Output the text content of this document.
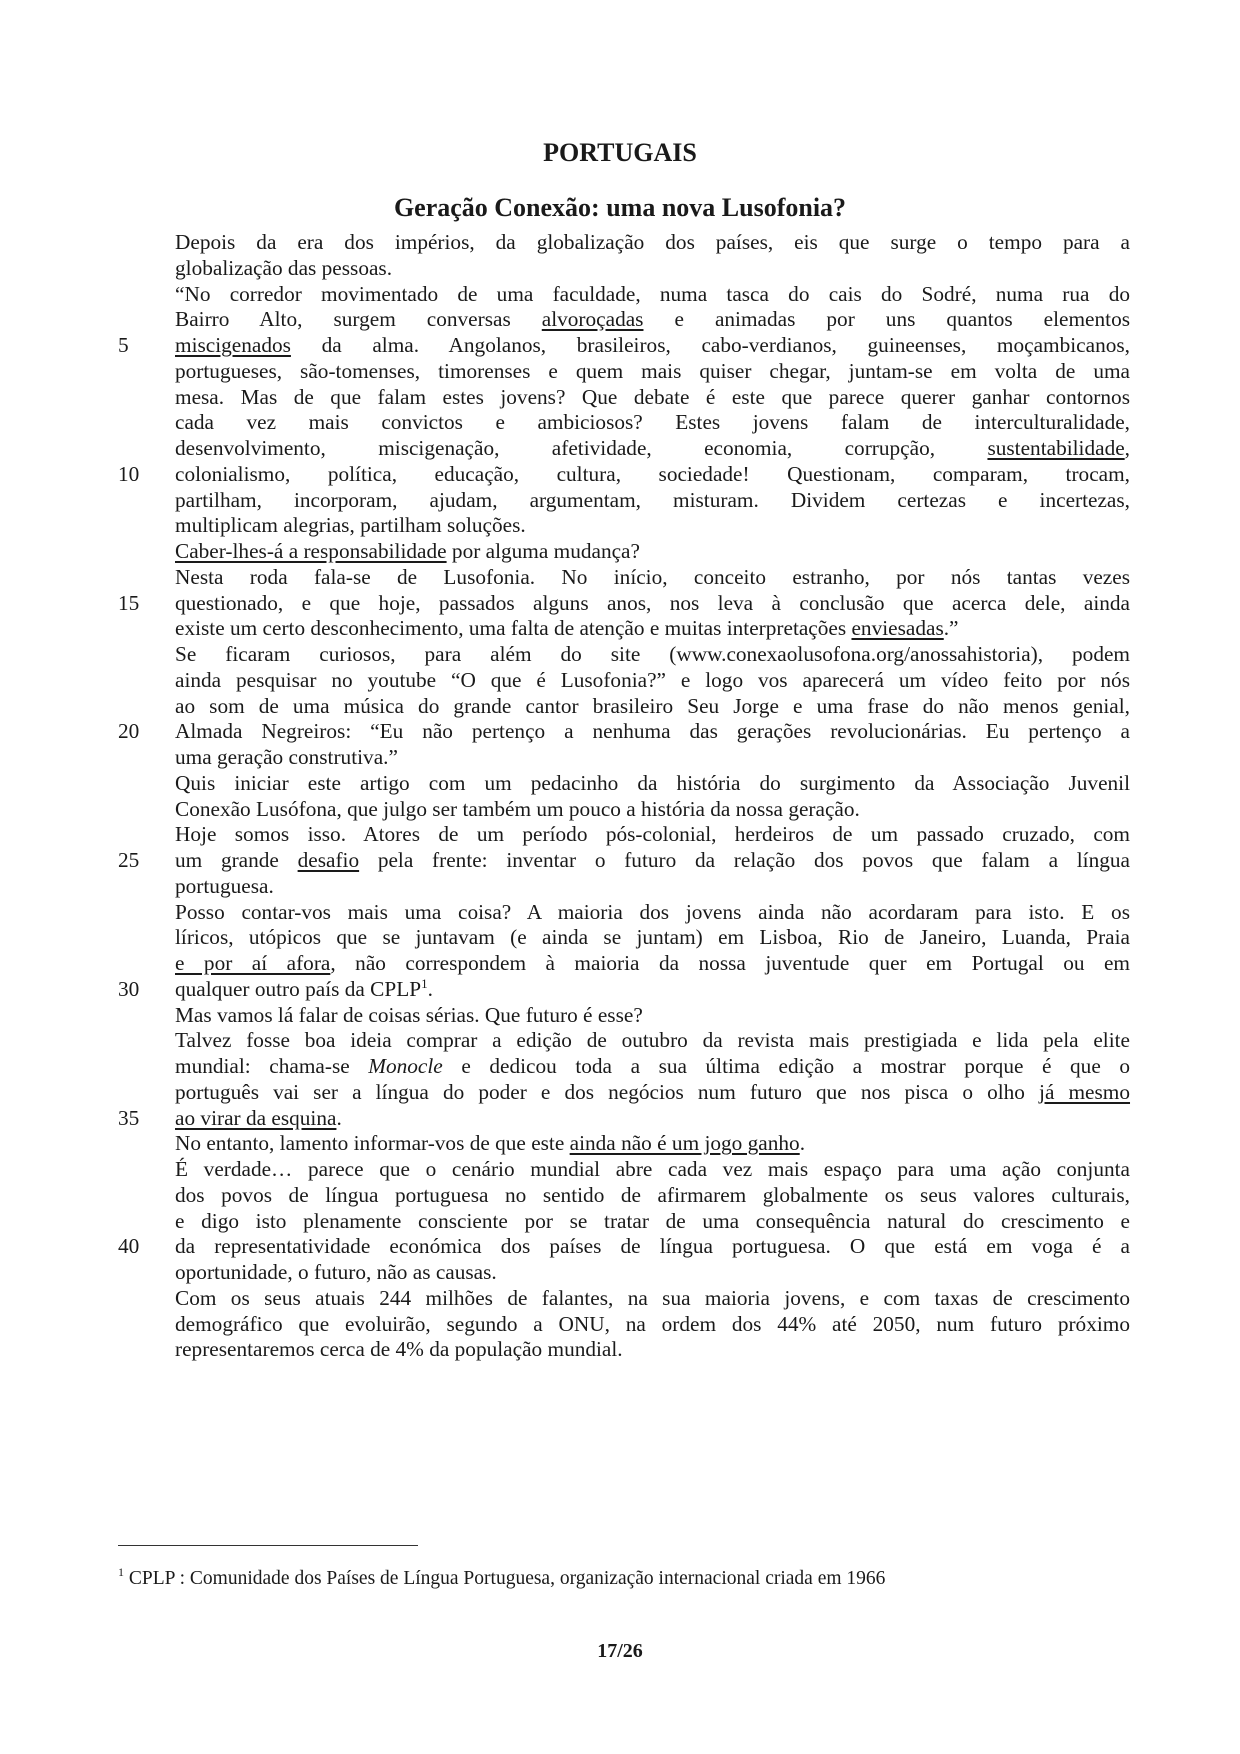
PORTUGAIS
Geração Conexão: uma nova Lusofonia?
Depois da era dos impérios, da globalização dos países, eis que surge o tempo para a
globalização das pessoas.
“No corredor movimentado de uma faculdade, numa tasca do cais do Sodré, numa rua do
Bairro Alto, surgem conversas alvoroçadas e animadas por uns quantos elementos
miscigenados da alma. Angolanos, brasileiros, cabo-verdianos, guineenses, moçambicanos,
5
portugueses, são-tomenses, timorenses e quem mais quiser chegar, juntam-se em volta de uma
mesa. Mas de que falam estes jovens? Que debate é este que parece querer ganhar contornos
cada vez mais convictos e ambiciosos? Estes jovens falam de interculturalidade,
desenvolvimento, miscigenação, afetividade, economia, corrupção, sustentabilidade,
colonialismo, política, educação, cultura, sociedade! Questionam, comparam, trocam,
10
partilham, incorporam, ajudam, argumentam, misturam. Dividem certezas e incertezas,
multiplicam alegrias, partilham soluções.
Caber-lhes-á a responsabilidade por alguma mudança?
Nesta roda fala-se de Lusofonia. No início, conceito estranho, por nós tantas vezes
questionado, e que hoje, passados alguns anos, nos leva à conclusão que acerca dele, ainda
15
existe um certo desconhecimento, uma falta de atenção e muitas interpretações enviesadas.”
Se ficaram curiosos, para além do site (www.conexaolusofona.org/anossahistoria), podem
ainda pesquisar no youtube “O que é Lusofonia?” e logo vos aparecerá um vídeo feito por nós
ao som de uma música do grande cantor brasileiro Seu Jorge e uma frase do não menos genial,
Almada Negreiros: “Eu não pertenço a nenhuma das gerações revolucionárias. Eu pertenço a
20
uma geração construtiva.”
Quis iniciar este artigo com um pedacinho da história do surgimento da Associação Juvenil
Conexão Lusófona, que julgo ser também um pouco a história da nossa geração.
Hoje somos isso. Atores de um período pós-colonial, herdeiros de um passado cruzado, com
um grande desafio pela frente: inventar o futuro da relação dos povos que falam a língua
25
portuguesa.
Posso contar-vos mais uma coisa? A maioria dos jovens ainda não acordaram para isto. E os
líricos, utópicos que se juntavam (e ainda se juntam) em Lisboa, Rio de Janeiro, Luanda, Praia
e por aí afora, não correspondem à maioria da nossa juventude quer em Portugal ou em
qualquer outro país da CPLP$^1$.
30
Mas vamos lá falar de coisas sérias. Que futuro é esse?
Talvez fosse boa ideia comprar a edição de outubro da revista mais prestigiada e lida pela elite
mundial: chama-se Monocle e dedicou toda a sua última edição a mostrar porque é que o
português vai ser a língua do poder e dos negócios num futuro que nos pisca o olho já mesmo
ao virar da esquina.
35
No entanto, lamento informar-vos de que este ainda não é um jogo ganho.
É verdade… parece que o cenário mundial abre cada vez mais espaço para uma ação conjunta
dos povos de língua portuguesa no sentido de afirmarem globalmente os seus valores culturais,
e digo isto plenamente consciente por se tratar de uma consequência natural do crescimento e
da representatividade económica dos países de língua portuguesa. O que está em voga é a
40
oportunidade, o futuro, não as causas.
Com os seus atuais 244 milhões de falantes, na sua maioria jovens, e com taxas de crescimento
demográfico que evoluirão, segundo a ONU, na ordem dos 44% até 2050, num futuro próximo
representaremos cerca de 4% da população mundial.
$^1$ CPLP : Comunidade dos Países de Língua Portuguesa, organização internacional criada em 1966
17/26
